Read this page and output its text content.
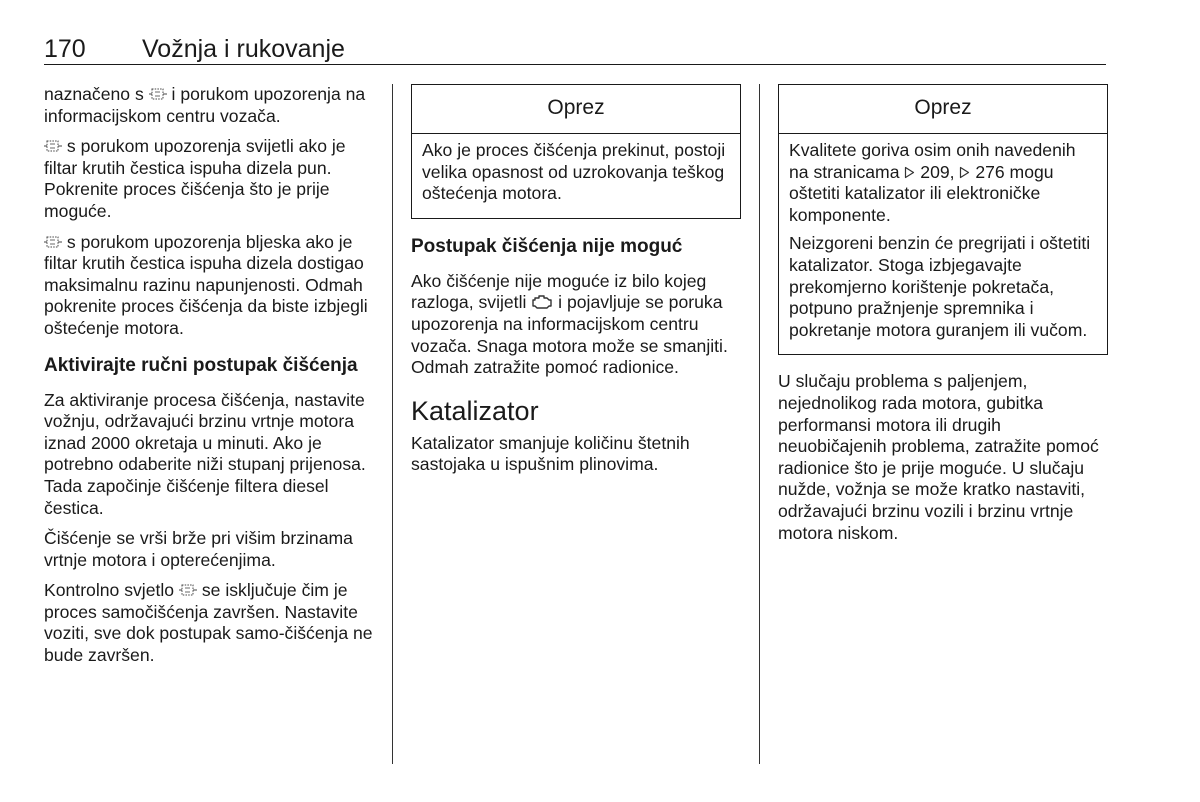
170 Vožnja i rukovanje

naznačeno s  i porukom upozorenja na informacijskom centru vozača.

s porukom upozorenja svijetli ako je filtar krutih čestica ispuha dizela pun. Pokrenite proces čišćenja što je prije moguće.

s porukom upozorenja bljeska ako je filtar krutih čestica ispuha dizela dostigao maksimalnu razinu napunjenosti. Odmah pokrenite proces čišćenja da biste izbjegli oštećenje motora.

Aktivirajte ručni postupak čišćenja

Za aktiviranje procesa čišćenja, nastavite vožnju, održavajući brzinu vrtnje motora iznad 2000 okretaja u minuti. Ako je potrebno odaberite niži stupanj prijenosa. Tada započinje čišćenje filtera diesel čestica.

Čišćenje se vrši brže pri višim brzinama vrtnje motora i opterećenjima.

Kontrolno svjetlo  se isključuje čim je proces samočišćenja završen. Nastavite voziti, sve dok postupak samo-čišćenja ne bude završen.

Oprez

Ako je proces čišćenja prekinut, postoji velika opasnost od uzrokovanja teškog oštećenja motora.

Postupak čišćenja nije moguć

Ako čišćenje nije moguće iz bilo kojeg razloga, svijetli  i pojavljuje se poruka upozorenja na informacijskom centru vozača. Snaga motora može se smanjiti. Odmah zatražite pomoć radionice.

Katalizator

Katalizator smanjuje količinu štetnih sastojaka u ispušnim plinovima.

Oprez

Kvalitete goriva osim onih navedenih na stranicama  209,  276 mogu oštetiti katalizator ili elektroničke komponente.

Neizgoreni benzin će pregrijati i oštetiti katalizator. Stoga izbjegavajte prekomjerno korištenje pokretača, potpuno pražnjenje spremnika i pokretanje motora guranjem ili vučom.

U slučaju problema s paljenjem, nejednolikog rada motora, gubitka performansi motora ili drugih neuobičajenih problema, zatražite pomoć radionice što je prije moguće. U slučaju nužde, vožnja se može kratko nastaviti, održavajući brzinu vozili i brzinu vrtnje motora niskom.
